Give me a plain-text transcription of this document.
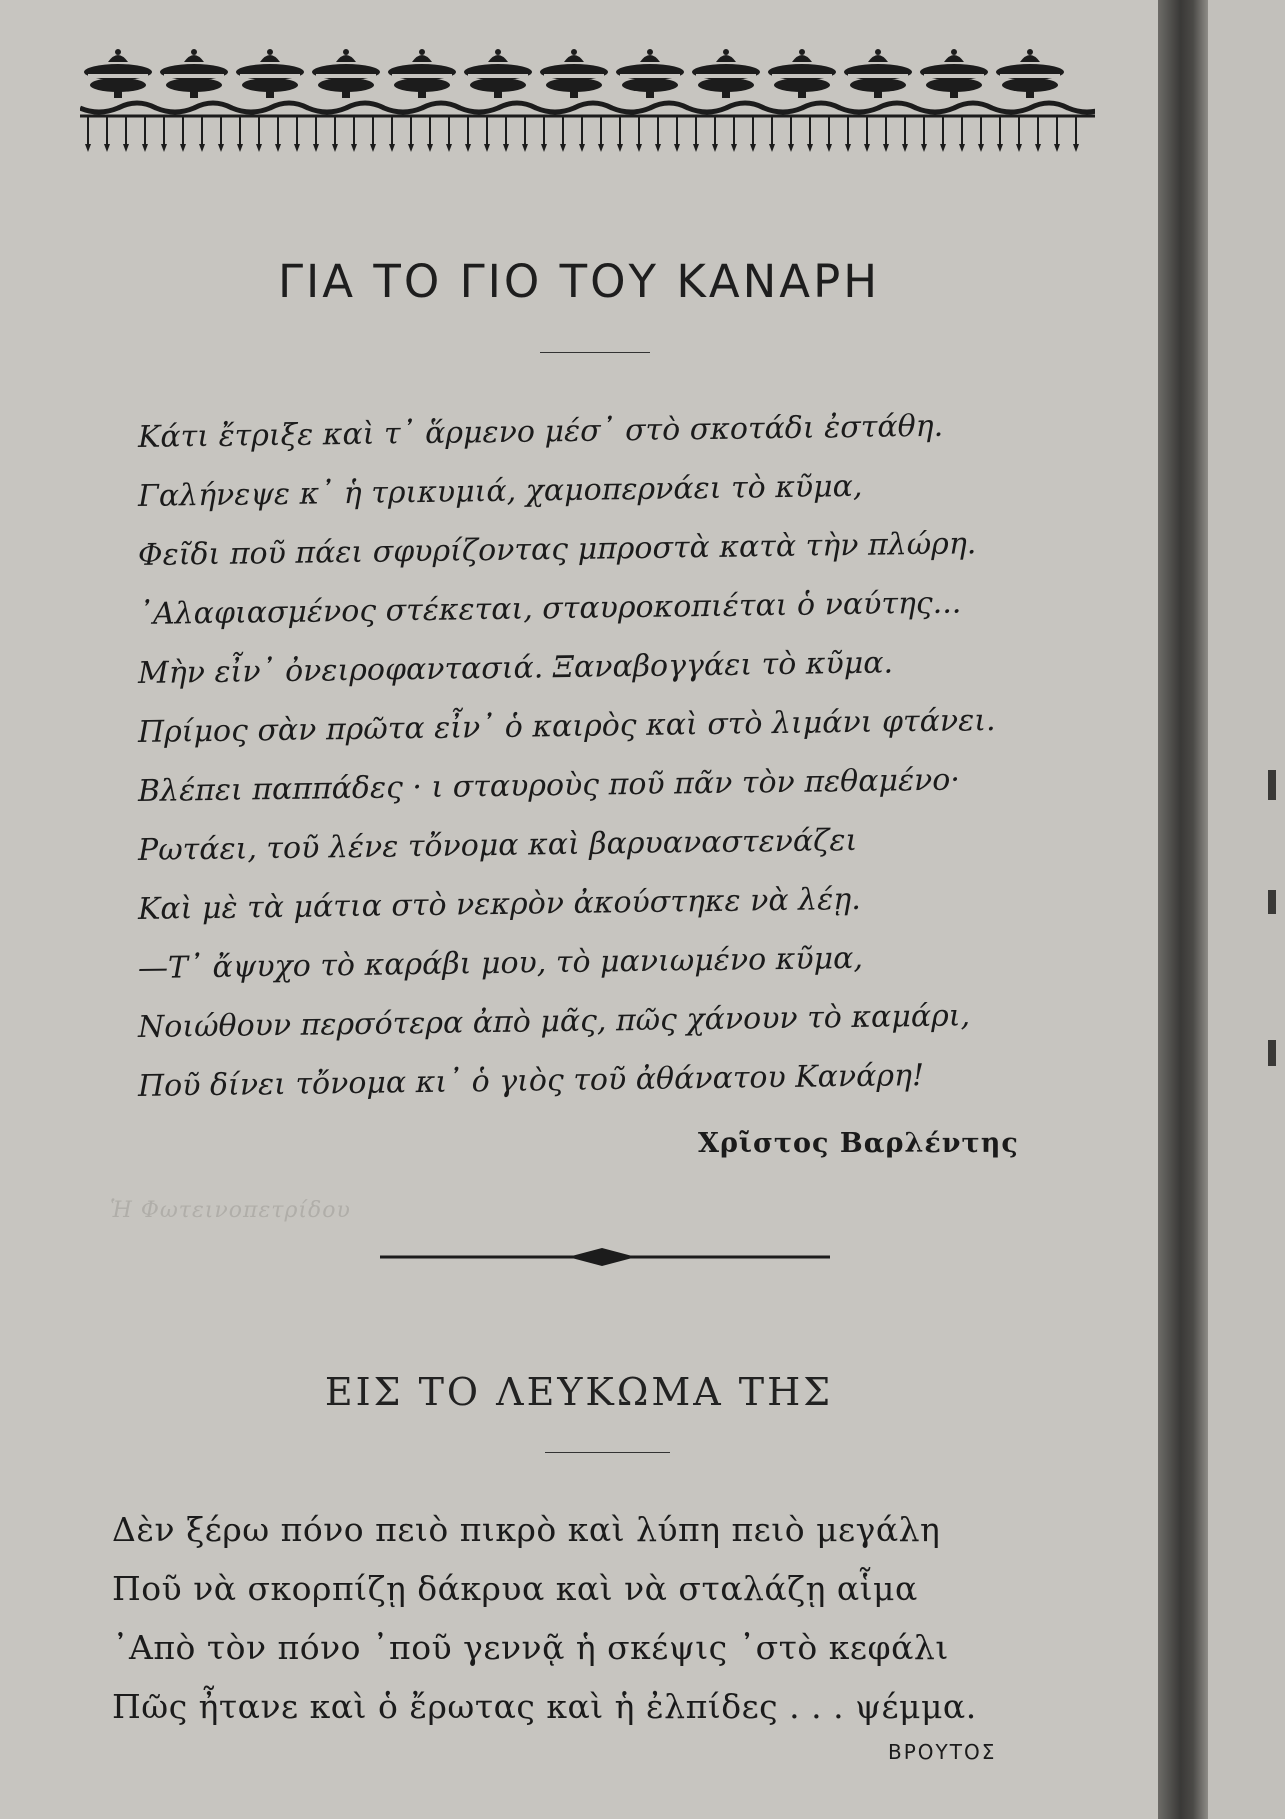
ΓΙΑ ΤΟ ΓΙΟ ΤΟΥ ΚΑΝΑΡΗ
Κάτι ἔτριξε καὶ τ᾽ ἅρμενο μέσ᾽ στὸ σκοτάδι ἐστάθη.
Γαλήνεψε κ᾽ ἡ τρικυμιά, χαμοπερνάει τὸ κῦμα,
Φεῖδι ποῦ πάει σφυρίζοντας μπροστὰ κατὰ τὴν πλώρη.
᾽Αλαφιασμένος στέκεται, σταυροκοπιέται ὁ ναύτης...
Μὴν εἶν᾽ ὀνειροφαντασιά. Ξαναβογγάει τὸ κῦμα.
Πρίμος σὰν πρῶτα εἶν᾽ ὁ καιρὸς καὶ στὸ λιμάνι φτάνει.
Βλέπει παππάδες · ι σταυροὺς ποῦ πᾶν τὸν πεθαμένο·
Ρωτάει, τοῦ λένε τὄνομα καὶ βαρυαναστενάζει
Καὶ μὲ τὰ μάτια στὸ νεκρὸν ἀκούστηκε νὰ λέῃ.
—Τ᾽ ἄψυχο τὸ καράβι μου, τὸ μανιωμένο κῦμα,
Νοιώθουν περσότερα ἀπὸ μᾶς, πῶς χάνουν τὸ καμάρι,
Ποῦ δίνει τὄνομα κι᾽ ὁ γιὸς τοῦ ἀθάνατου Κανάρη!
Χρῖστος Βαρλέντης
Ἡ Φωτεινοπετρίδου
ΕΙΣ ΤΟ ΛΕΥΚΩΜΑ ΤΗΣ
Δὲν ξέρω πόνο πειὸ πικρὸ καὶ λύπη πειὸ μεγάλη
Ποῦ νὰ σκορπίζῃ δάκρυα καὶ νὰ σταλάζῃ αἷμα
᾽Απὸ τὸν πόνο ᾽ποῦ γεννᾷ ἡ σκέψις ᾽στὸ κεφάλι
Πῶς ἦτανε καὶ ὁ ἔρωτας καὶ ἡ ἐλπίδες . . . ψέμμα.
ΒΡΟΥΤΟΣ
